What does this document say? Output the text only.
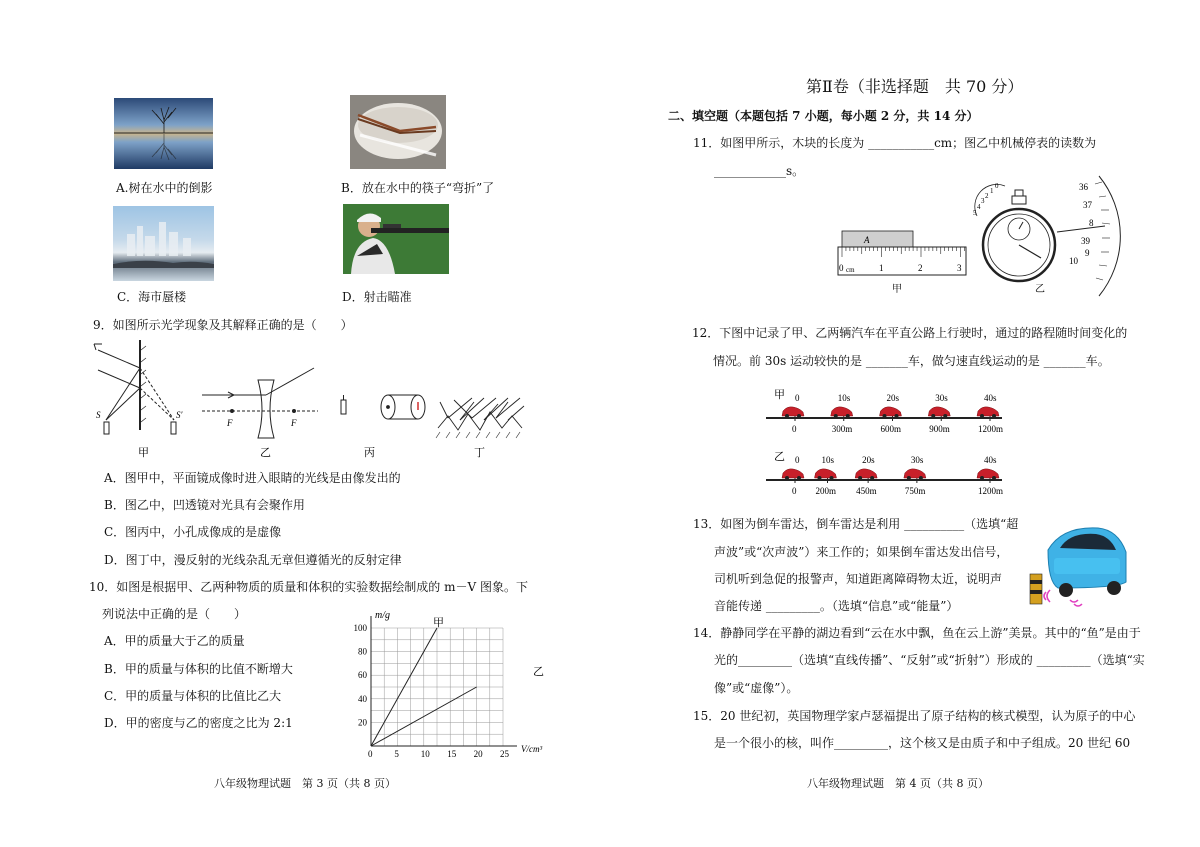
A.树在水中的倒影	B．放在水中的筷子“弯折”了
C．海市蜃楼	D．射击瞄准
9．如图所示光学现象及其解释正确的是（　　）
S	S′
甲
F	F
乙	丙	丁
A．图甲中，平面镜成像时进入眼睛的光线是由像发出的
B．图乙中，凹透镜对光具有会聚作用
C．图丙中，小孔成像成的是虚像
D．图丁中，漫反射的光线杂乱无章但遵循光的反射定律
10．如图是根据甲、乙两种物质的质量和体积的实验数据绘制成的 m－V 图象。下
列说法中正确的是（　　）
A．甲的质量大于乙的质量
B．甲的质量与体积的比值不断增大
C．甲的质量与体积的比值比乙大
D．甲的密度与乙的密度之比为 2:1
0 5 10 15 20 25
20
40
60
80
100	甲
乙
m/g
V/cm³
八年级物理试题　第 3 页（共 8 页）
第Ⅱ卷（非选择题　共 70 分）
二、填空题（本题包括 7 小题，每小题 2 分，共 14 分）
11．如图甲所示，木块的长度为 ___________cm；图乙中机械停表的读数为
____________s。
A
0 cm	1	2	3
甲
0
1
2
3
4
5
36
37
8
39
9
10
乙
12．下图中记录了甲、乙两辆汽车在平直公路上行驶时，通过的路程随时间变化的
情况。前 30s 运动较快的是 _______车，做匀速直线运动的是 _______车。
甲 0
0
10s
300m
20s
600m
30s
900m
40s
1200m
乙 0
0
10s
200m
20s
450m
30s
750m
40s
1200m
13．如图为倒车雷达，倒车雷达是利用 __________（选填“超
声波”或“次声波”）来工作的；如果倒车雷达发出信号，
司机听到急促的报警声，知道距离障碍物太近，说明声
音能传递 _________。（选填“信息”或“能量”）
14．静静同学在平静的湖边看到“云在水中飘，鱼在云上游”美景。其中的“鱼”是由于
光的_________（选填“直线传播”、“反射”或“折射”）形成的 _________（选填“实
像”或“虚像”）。
15．20 世纪初，英国物理学家卢瑟福提出了原子结构的核式模型，认为原子的中心
是一个很小的核，叫作_________，这个核又是由质子和中子组成。20 世纪 60
八年级物理试题　第 4 页（共 8 页）
